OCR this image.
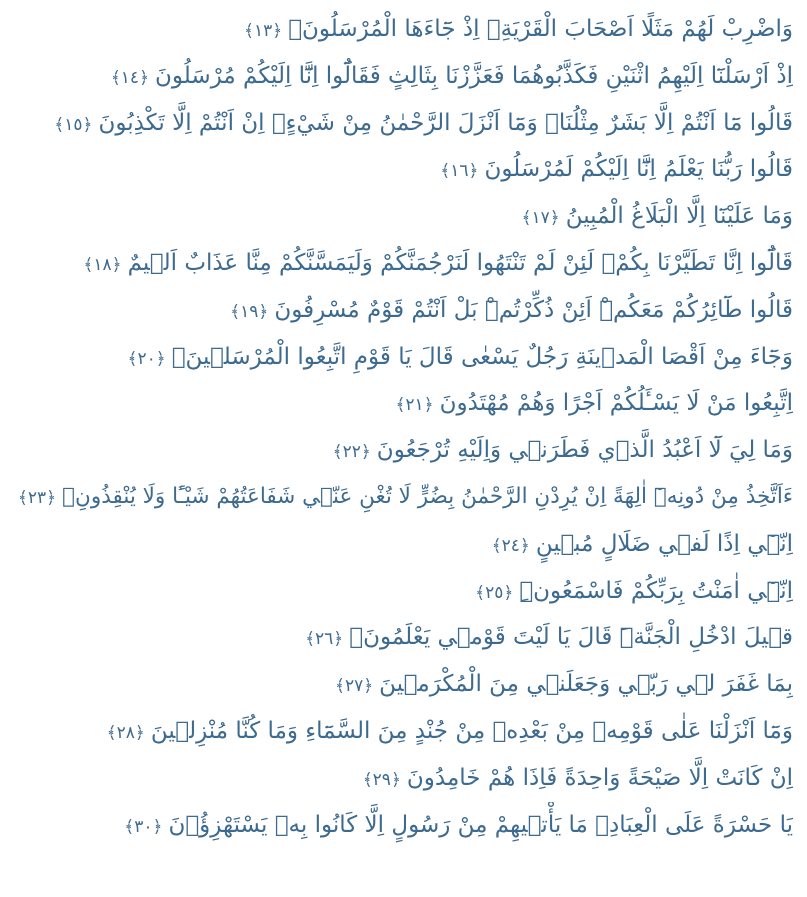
وَاضْرِبْ لَهُمْ مَثَلًا اَصْحَابَ الْقَرْيَةِۘ اِذْ جَٓاءَهَا الْمُرْسَلُونَۚ﴿١٣﴾
اِذْ اَرْسَلْنَٓا اِلَيْهِمُ اثْنَيْنِ فَكَذَّبُوهُمَا فَعَزَّزْنَا بِثَالِثٍ فَقَالُٓوا اِنَّٓا اِلَيْكُمْ مُرْسَلُونَ﴿١٤﴾
قَالُوا مَٓا اَنْتُمْ اِلَّا بَشَرٌ مِثْلُنَاۙ وَمَٓا اَنْزَلَ الرَّحْمٰنُ مِنْ شَيْءٍۙ اِنْ اَنْتُمْ اِلَّا تَكْذِبُونَ﴿١٥﴾
قَالُوا رَبُّنَا يَعْلَمُ اِنَّٓا اِلَيْكُمْ لَمُرْسَلُونَ﴿١٦﴾
وَمَا عَلَيْنَٓا اِلَّا الْبَلَاغُ الْمُبِينُ﴿١٧﴾
قَالُٓوا اِنَّا تَطَيَّرْنَا بِكُمْۚ لَئِنْ لَمْ تَنْتَهُوا لَنَرْجُمَنَّكُمْ وَلَيَمَسَّنَّكُمْ مِنَّا عَذَابٌ اَل۪يمٌ﴿١٨﴾
قَالُوا طَٓائِرُكُمْ مَعَكُمْۜ اَئِنْ ذُكِّرْتُمْۜ بَلْ اَنْتُمْ قَوْمٌ مُسْرِفُونَ﴿١٩﴾
وَجَٓاءَ مِنْ اَقْصَا الْمَد۪ينَةِ رَجُلٌ يَسْعٰى قَالَ يَا قَوْمِ اتَّبِعُوا الْمُرْسَل۪ينَۙ﴿٢٠﴾
اِتَّبِعُوا مَنْ لَا يَسْـَٔلُكُمْ اَجْرًا وَهُمْ مُهْتَدُونَ﴿٢١﴾
وَمَا لِيَ لَٓا اَعْبُدُ الَّذ۪ي فَطَرَن۪ي وَاِلَيْهِ تُرْجَعُونَ﴿٢٢﴾
ءَاَتَّخِذُ مِنْ دُونِه۪ٓ اٰلِهَةً اِنْ يُرِدْنِ الرَّحْمٰنُ بِضُرٍّ لَا تُغْنِ عَنّ۪ي شَفَاعَتُهُمْ شَيْـًٔا وَلَا يُنْقِذُونِۚ﴿٢٣﴾
اِنّ۪ٓي اِذًا لَف۪ي ضَلَالٍ مُب۪ينٍ﴿٢٤﴾
اِنّ۪ٓي اٰمَنْتُ بِرَبِّكُمْ فَاسْمَعُونِۜ﴿٢٥﴾
ق۪يلَ ادْخُلِ الْجَنَّةَۜ قَالَ يَا لَيْتَ قَوْم۪ي يَعْلَمُونَۙ﴿٢٦﴾
بِمَا غَفَرَ ل۪ي رَبّ۪ي وَجَعَلَن۪ي مِنَ الْمُكْرَم۪ينَ﴿٢٧﴾
وَمَٓا اَنْزَلْنَا عَلٰى قَوْمِه۪ مِنْ بَعْدِه۪ مِنْ جُنْدٍ مِنَ السَّمَٓاءِ وَمَا كُنَّا مُنْزِل۪ينَ﴿٢٨﴾
اِنْ كَانَتْ اِلَّا صَيْحَةً وَاحِدَةً فَاِذَا هُمْ خَامِدُونَ﴿٢٩﴾
يَا حَسْرَةً عَلَى الْعِبَادِۚ مَا يَأْت۪يهِمْ مِنْ رَسُولٍ اِلَّا كَانُوا بِه۪ يَسْتَهْزِؤُ۫نَ﴿٣٠﴾
